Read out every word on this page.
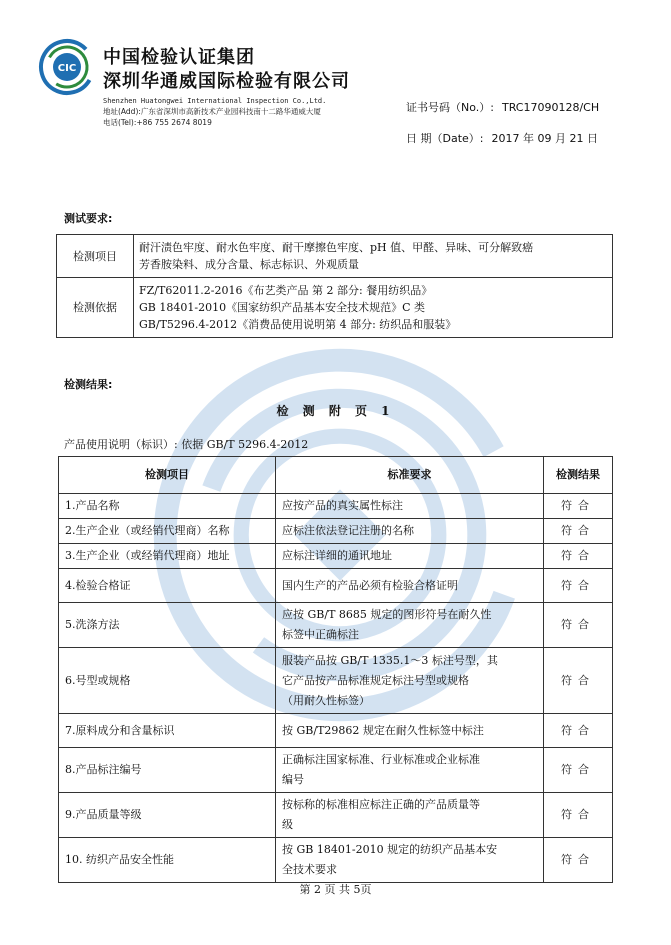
CIC
中国检验认证集团
深圳华通威国际检验有限公司
Shenzhen Huatongwei International Inspection Co.,Ltd.
地址(Add):广东省深圳市高新技术产业园科技南十二路华通威大厦
电话(Tel):+86 755 2674 8019
证书号码（No.）: TRC17090128/CH
日 期（Date）: 2017 年 09 月 21 日
测试要求:
检测项目	耐汗渍色牢度、耐水色牢度、耐干摩擦色牢度、pH 值、甲醛、异味、可分解致癌
芳香胺染料、成分含量、标志标识、外观质量

检测依据	FZ/T62011.2-2016《布艺类产品 第 2 部分: 餐用纺织品》
GB 18401-2010《国家纺织产品基本安全技术规范》C 类
GB/T5296.4-2012《消费品使用说明第 4 部分: 纺织品和服装》
检测结果:
检 测 附 页 1
产品使用说明（标识）: 依据 GB/T 5296.4-2012
检测项目	标准要求	检测结果
1.产品名称	应按产品的真实属性标注	符合
2.生产企业（或经销代理商）名称	应标注依法登记注册的名称	符合
3.生产企业（或经销代理商）地址	应标注详细的通讯地址	符合
4.检验合格证	国内生产的产品必须有检验合格证明	符合
5.洗涤方法	应按 GB/T 8685 规定的图形符号在耐久性
标签中正确标注	符合
6.号型或规格	服装产品按 GB/T 1335.1～3 标注号型，其
它产品按产品标准规定标注号型或规格
（用耐久性标签）	符合
7.原料成分和含量标识	按 GB/T29862 规定在耐久性标签中标注	符合
8.产品标注编号	正确标注国家标准、行业标准或企业标准
编号	符合
9.产品质量等级	按标称的标准相应标注正确的产品质量等
级	符合
10. 纺织产品安全性能	按 GB 18401-2010 规定的纺织产品基本安
全技术要求	符合
第 2 页 共 5页
